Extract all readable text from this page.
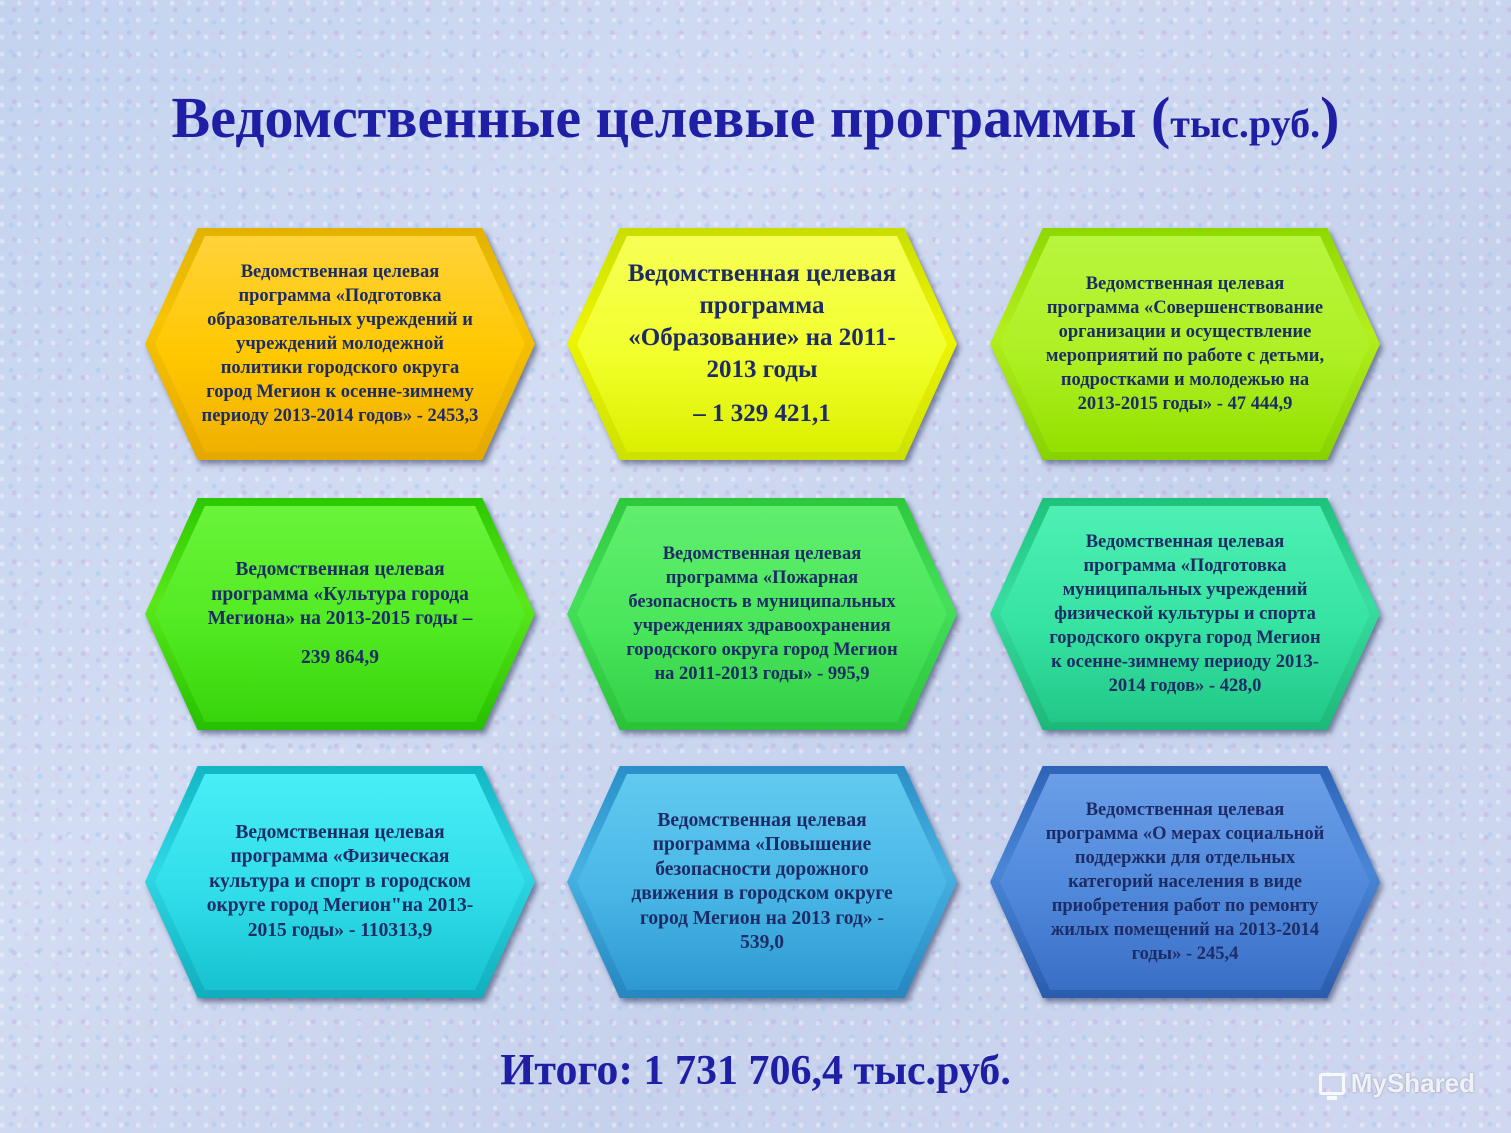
Ведомственные целевые программы (тыс.руб.)
Ведомственная целевая программа «Подготовка образовательных учреждений и учреждений молодежной политики городского округа город Мегион к осенне-зимнему периоду 2013-2014 годов» - 2453,3
Ведомственная целевая программа «Образование» на 2011-2013 годы
– 1 329 421,1
Ведомственная целевая программа «Совершенствование организации и осуществление мероприятий по работе с детьми, подростками и молодежью на 2013-2015 годы» - 47 444,9
Ведомственная целевая программа «Культура города Мегиона» на 2013-2015 годы –
239 864,9
Ведомственная целевая программа «Пожарная безопасность в муниципальных учреждениях здравоохранения городского округа город Мегион на 2011-2013 годы» - 995,9
Ведомственная целевая программа «Подготовка муниципальных учреждений физической культуры и спорта городского округа город Мегион к осенне-зимнему периоду 2013-2014 годов» - 428,0
Ведомственная целевая программа «Физическая культура и спорт в городском округе город Мегион"на 2013-2015 годы» - 110313,9
Ведомственная целевая программа «Повышение безопасности дорожного движения в городском округе город Мегион на 2013 год» - 539,0
Ведомственная целевая программа «О мерах социальной поддержки для отдельных категорий населения в виде приобретения работ по ремонту жилых помещений на 2013-2014 годы» - 245,4
Итого: 1 731 706,4 тыс.руб.	MyShared
